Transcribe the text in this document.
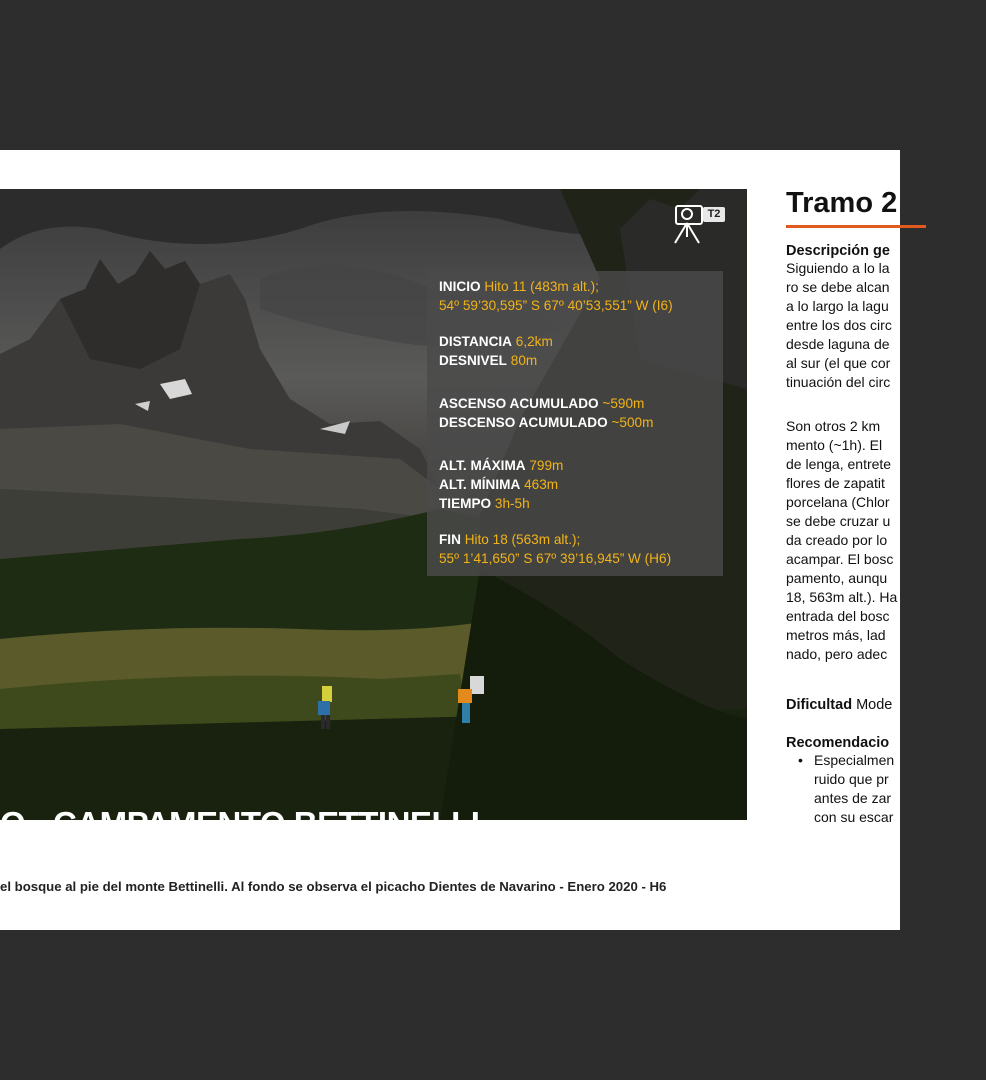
T2
INICIO Hito 11 (483m alt.);
54º 59’30,595” S 67º 40’53,551” W (I6)
DISTANCIA 6,2km
DESNIVEL 80m
ASCENSO ACUMULADO ~590m
DESCENSO ACUMULADO ~500m
ALT. MÁXIMA 799m
ALT. MÍNIMA 463m
TIEMPO 3h-5h
FIN Hito 18 (563m alt.);
55º 1’41,650” S 67º 39’16,945” W (H6)
O - CAMPAMENTO BETTINELLI
el bosque al pie del monte Bettinelli. Al fondo se observa el picacho Dientes de Navarino - Enero 2020 - H6
Tramo 2
Descripción ge
Siguiendo a lo la
ro se debe alcan
a lo largo la lagu
entre los dos circ
desde laguna de
al sur (el que cor
tinuación del circ
Son otros 2 km
mento (~1h). El
de lenga, entrete
flores de zapatit
porcelana (Chlor
se debe cruzar u
da creado por lo
acampar. El bosc
pamento, aunqu
18, 563m alt.). Ha
entrada del bosc
metros más, lad
nado, pero adec
Dificultad Mode
Recomendacio
• Especialmen
ruido que pr
antes de zar
con su escar
